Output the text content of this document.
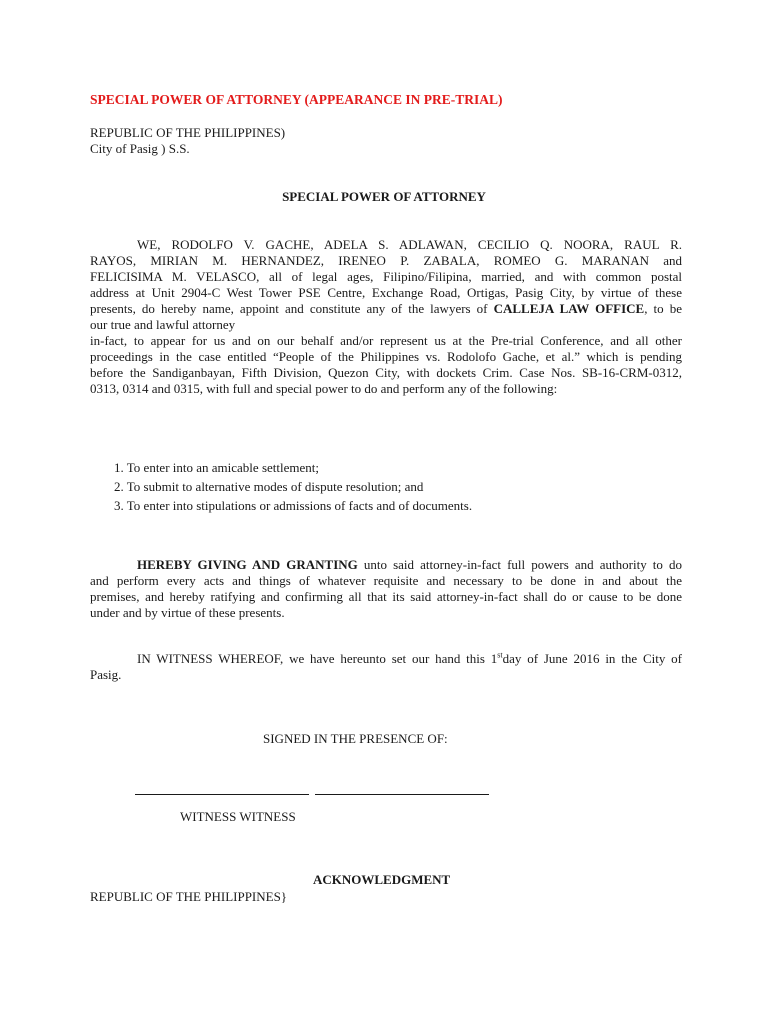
SPECIAL POWER OF ATTORNEY (APPEARANCE IN PRE-TRIAL)
REPUBLIC OF THE PHILIPPINES)
City of Pasig ) S.S.
SPECIAL POWER OF ATTORNEY
WE, RODOLFO V. GACHE, ADELA S. ADLAWAN, CECILIO Q. NOORA, RAUL R.
RAYOS, MIRIAN M. HERNANDEZ, IRENEO P. ZABALA, ROMEO G. MARANAN and
FELICISIMA M. VELASCO, all of legal ages, Filipino/Filipina, married, and with common postal
address at Unit 2904-C West Tower PSE Centre, Exchange Road, Ortigas, Pasig City, by virtue of these
presents, do hereby name, appoint and constitute any of the lawyers of CALLEJA LAW OFFICE, to be
our true and lawful attorney
in-fact, to appear for us and on our behalf and/or represent us at the Pre-trial Conference, and all other
proceedings in the case entitled “People of the Philippines vs. Rodolofo Gache, et al.” which is pending
before the Sandiganbayan, Fifth Division, Quezon City, with dockets Crim. Case Nos. SB-16-CRM-0312,
0313, 0314 and 0315, with full and special power to do and perform any of the following:
1. To enter into an amicable settlement;
2. To submit to alternative modes of dispute resolution; and
3. To enter into stipulations or admissions of facts and of documents.
HEREBY GIVING AND GRANTING unto said attorney-in-fact full powers and authority to do
and perform every acts and things of whatever requisite and necessary to be done in and about the
premises, and hereby ratifying and confirming all that its said attorney-in-fact shall do or cause to be done
under and by virtue of these presents.
IN WITNESS WHEREOF, we have hereunto set our hand this 1stday of June 2016 in the City of
Pasig.
SIGNED IN THE PRESENCE OF:

WITNESS WITNESS
ACKNOWLEDGMENT
REPUBLIC OF THE PHILIPPINES}
